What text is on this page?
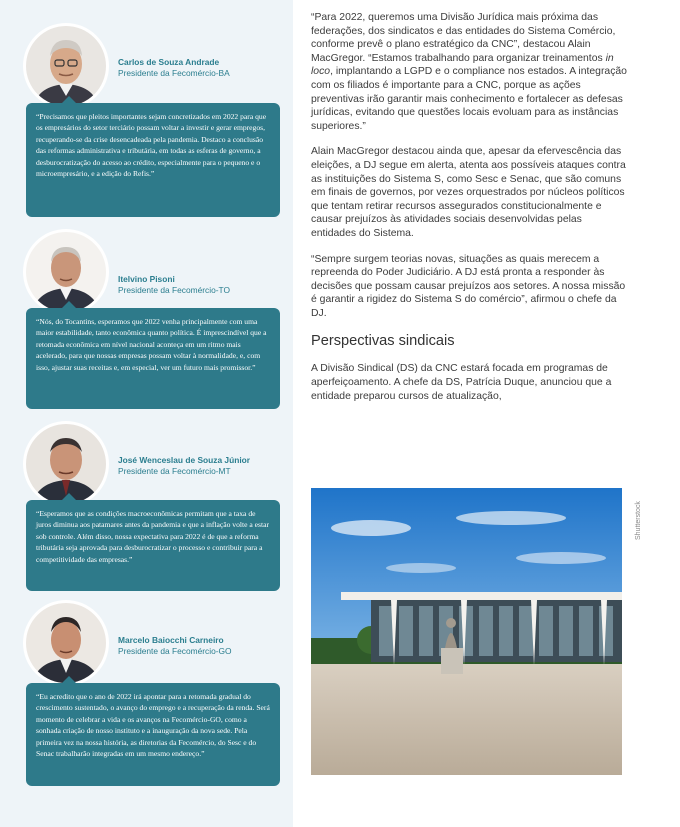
Carlos de Souza Andrade
Presidente da Fecomércio-BA
“Precisamos que pleitos importantes sejam concretizados em 2022 para que os empresários do setor terciário possam voltar a investir e gerar empregos, recuperando-se da crise desencadeada pela pandemia. Destaco a conclusão das reformas administrativa e tributária, em todas as esferas de governo, a desburocratização do acesso ao crédito, especialmente para o pequeno e o microempresário, e a edição do Refis.”
Itelvino Pisoni
Presidente da Fecomércio-TO
“Nós, do Tocantins, esperamos que 2022 venha principalmente com uma maior estabilidade, tanto econômica quanto política. É imprescindível que a retomada econômica em nível nacional aconteça em um ritmo mais acelerado, para que nossas empresas possam voltar à normalidade, e, com isso, ajustar suas receitas e, em especial, ver um futuro mais promissor.”
José Wenceslau de Souza Júnior
Presidente da Fecomércio-MT
“Esperamos que as condições macroeconômicas permitam que a taxa de juros diminua aos patamares antes da pandemia e que a inflação volte a estar sob controle. Além disso, nossa expectativa para 2022 é de que a reforma tributária seja aprovada para desburocratizar o processo e contribuir para a competitividade das empresas.”
Marcelo Baiocchi Carneiro
Presidente da Fecomércio-GO
“Eu acredito que o ano de 2022 irá apontar para a retomada gradual do crescimento sustentado, o avanço do emprego e a recuperação da renda. Será momento de celebrar a vida e os avanços na Fecomércio-GO, como a sonhada criação de nosso instituto e a inauguração da nova sede. Pela primeira vez na nossa história, as diretorias da Fecomércio, do Sesc e do Senac trabalharão integradas em um mesmo endereço.”

“Para 2022, queremos uma Divisão Jurídica mais próxima das federações, dos sindicatos e das entidades do Sistema Comércio, conforme prevê o plano estratégico da CNC”, destacou Alain MacGregor. “Estamos trabalhando para organizar treinamentos in loco, implantando a LGPD e o compliance nos estados. A integração com os filiados é importante para a CNC, porque as ações preventivas irão garantir mais conhecimento e fortalecer as defesas jurídicas, evitando que questões locais evoluam para as instâncias superiores.”

Alain MacGregor destacou ainda que, apesar da efervescência das eleições, a DJ segue em alerta, atenta aos possíveis ataques contra as instituições do Sistema S, como Sesc e Senac, que são comuns em finais de governos, por vezes orquestrados por núcleos políticos que tentam retirar recursos assegurados constitucionalmente e causar prejuízos às atividades sociais desenvolvidas pelas entidades do Sistema.

“Sempre surgem teorias novas, situações as quais merecem a repreenda do Poder Judiciário. A DJ está pronta a responder às decisões que possam causar prejuízos aos setores. A nossa missão é garantir a rigidez do Sistema S do comércio”, afirmou o chefe da DJ.

Perspectivas sindicais

A Divisão Sindical (DS) da CNC estará focada em programas de aperfeiçoamento. A chefe da DS, Patrícia Duque, anunciou que a entidade preparou cursos de atualização,

Shutterstock
